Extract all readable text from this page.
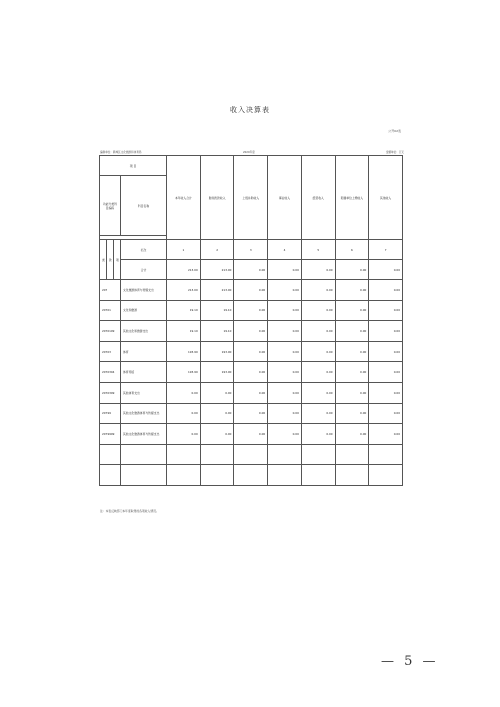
收入决算表
公开02表
编制单位：鹤城区文化旅游和体育局	2020年度	金额单位：万元
项 目				本年收入合计	财政拨款收入	上级补助收入	事业收入	经营收入	附属单位上缴收入	其他收入
功能分类科目编码			科目名称							

类	款	项	栏次	1	2	3	4	5	6	7
			合计	213.00	213.00	0.00	0.00	0.00	0.00	0.00
207			文化旅游体育与传媒支出	213.00	213.00	0.00	0.00	0.00	0.00	0.00
20701			文化和旅游	19.10	19.10	0.00	0.00	0.00	0.00	0.00
2070199			其他文化和旅游支出	19.10	19.10	0.00	0.00	0.00	0.00	0.00
20703			体育	193.90	193.90	0.00	0.00	0.00	0.00	0.00
2070304			体育场馆	193.90	193.90	0.00	0.00	0.00	0.00	0.00
2070399			其他体育支出	0.00	0.00	0.00	0.00	0.00	0.00	0.00
20799			其他文化旅游体育与传媒支出	0.00	0.00	0.00	0.00	0.00	0.00	0.00
2079999			其他文化旅游体育与传媒支出	0.00	0.00	0.00	0.00	0.00	0.00	0.00

注：本表反映部门本年度取得的各项收入情况。
— 5 —
